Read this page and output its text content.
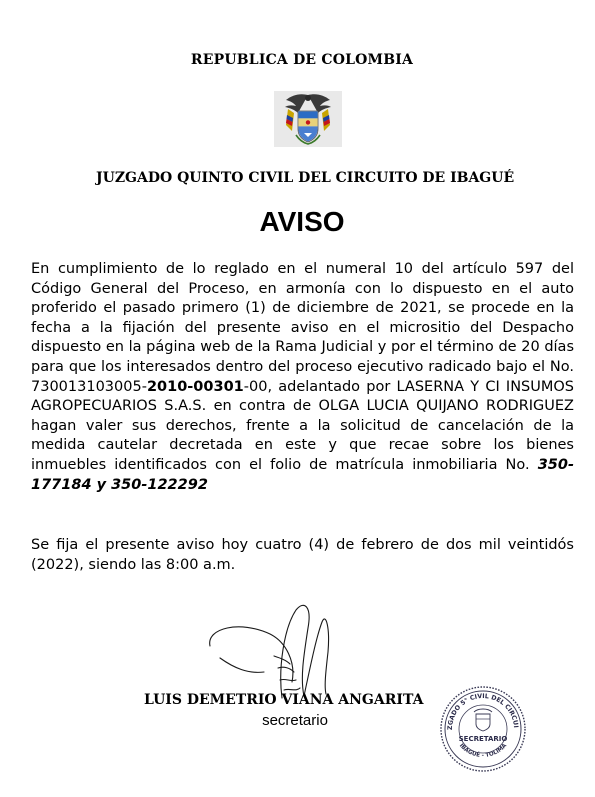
REPUBLICA DE COLOMBIA
JUZGADO QUINTO CIVIL DEL CIRCUITO DE IBAGUÉ
AVISO

En cumplimiento de lo reglado en el numeral 10 del artículo 597 del Código General del Proceso, en armonía con lo dispuesto en el auto proferido el pasado primero (1) de diciembre de 2021, se procede en la fecha a la fijación del presente aviso en el micrositio del Despacho dispuesto en la página web de la Rama Judicial y por el término de 20 días para que los interesados dentro del proceso ejecutivo radicado bajo el No. 730013103005-2010-00301-00, adelantado por LASERNA Y CI INSUMOS AGROPECUARIOS S.A.S. en contra de OLGA LUCIA QUIJANO RODRIGUEZ hagan valer sus derechos, frente a la solicitud de cancelación de la medida cautelar decretada en este y que recae sobre los bienes inmuebles identificados con el folio de matrícula inmobiliaria No. 350-177184 y 350-122292

Se fija el presente aviso hoy cuatro (4) de febrero de dos mil veintidós (2022), siendo las 8:00 a.m.

LUIS DEMETRIO VIANA ANGARITA
secretario	ZGADO 5° CIVIL DEL CIRCUI
SECRETARIO
IBAGUÉ - TOLIMA
